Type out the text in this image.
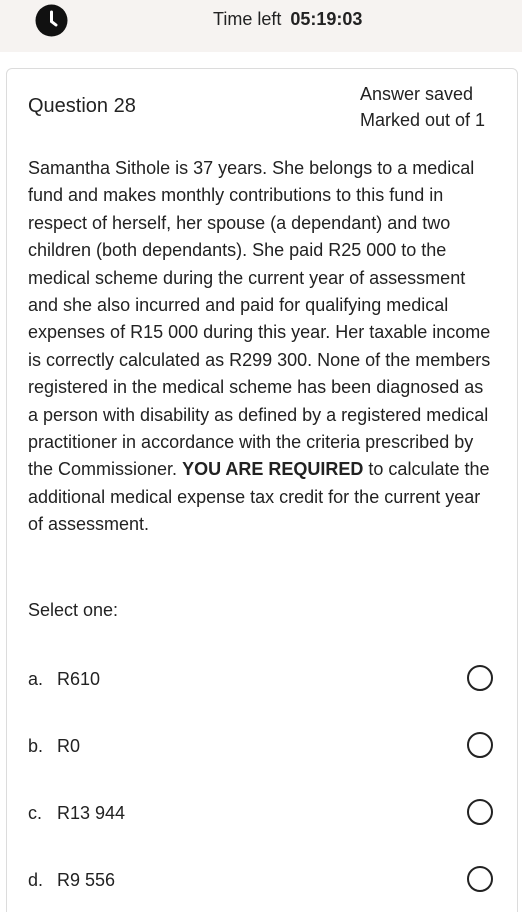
Time left 05:19:03
Question 28
Answer saved
Marked out of 1
Samantha Sithole is 37 years. She belongs to a medical fund and makes monthly contributions to this fund in respect of herself, her spouse (a dependant) and two children (both dependants). She paid R25 000 to the medical scheme during the current year of assessment and she also incurred and paid for qualifying medical expenses of R15 000 during this year. Her taxable income is correctly calculated as R299 300. None of the members registered in the medical scheme has been diagnosed as a person with disability as defined by a registered medical practitioner in accordance with the criteria prescribed by the Commissioner. YOU ARE REQUIRED to calculate the additional medical expense tax credit for the current year of assessment.
Select one:
a. R610
b. R0
c. R13 944
d. R9 556
